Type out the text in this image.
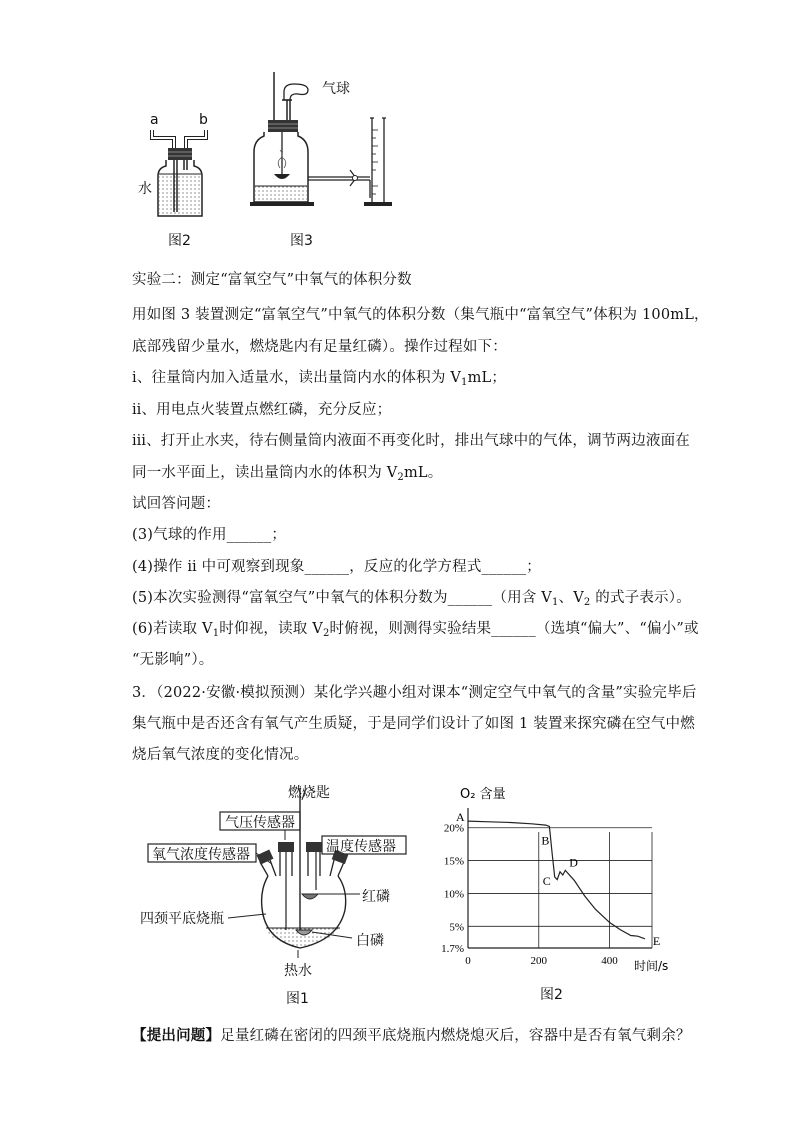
a	b
水
图2
气球
图3

实验二：测定“富氧空气”中氧气的体积分数

用如图 3 装置测定“富氧空气”中氧气的体积分数（集气瓶中“富氧空气”体积为 100mL，

底部残留少量水，燃烧匙内有足量红磷）。操作过程如下：

ⅰ、往量筒内加入适量水，读出量筒内水的体积为 $V_1mL$；

ⅱ、用电点火装置点燃红磷，充分反应；

ⅲ、打开止水夹，待右侧量筒内液面不再变化时，排出气球中的气体，调节两边液面在

同一水平面上，读出量筒内水的体积为 $V_2mL$。

试回答问题：

(3)气球的作用______；

(4)操作 ⅱ 中可观察到现象______，反应的化学方程式______；

(5)本次实验测得“富氧空气”中氧气的体积分数为______（用含 $V_1$、$V_2$ 的式子表示）。

(6)若读取 $V_1$时仰视，读取 $V_2$时俯视，则测得实验结果______（选填“偏大”、“偏小”或

“无影响”）。

3．（2022·安徽·模拟预测）某化学兴趣小组对课本“测定空气中氧气的含量”实验完毕后

集气瓶中是否还含有氧气产生质疑，于是同学们设计了如图 1 装置来探究磷在空气中燃

烧后氧气浓度的变化情况。

燃烧匙
气压传感器
氧气浓度传感器	温度传感器
红磷
四颈平底烧瓶
白磷
热水
图1
O₂ 含量
时间/s
1.7%
5%
10%
15%
20%
0	200	400
A
B
C
D
E
图2

【提出问题】足量红磷在密闭的四颈平底烧瓶内燃烧熄灭后，容器中是否有氧气剩余？
